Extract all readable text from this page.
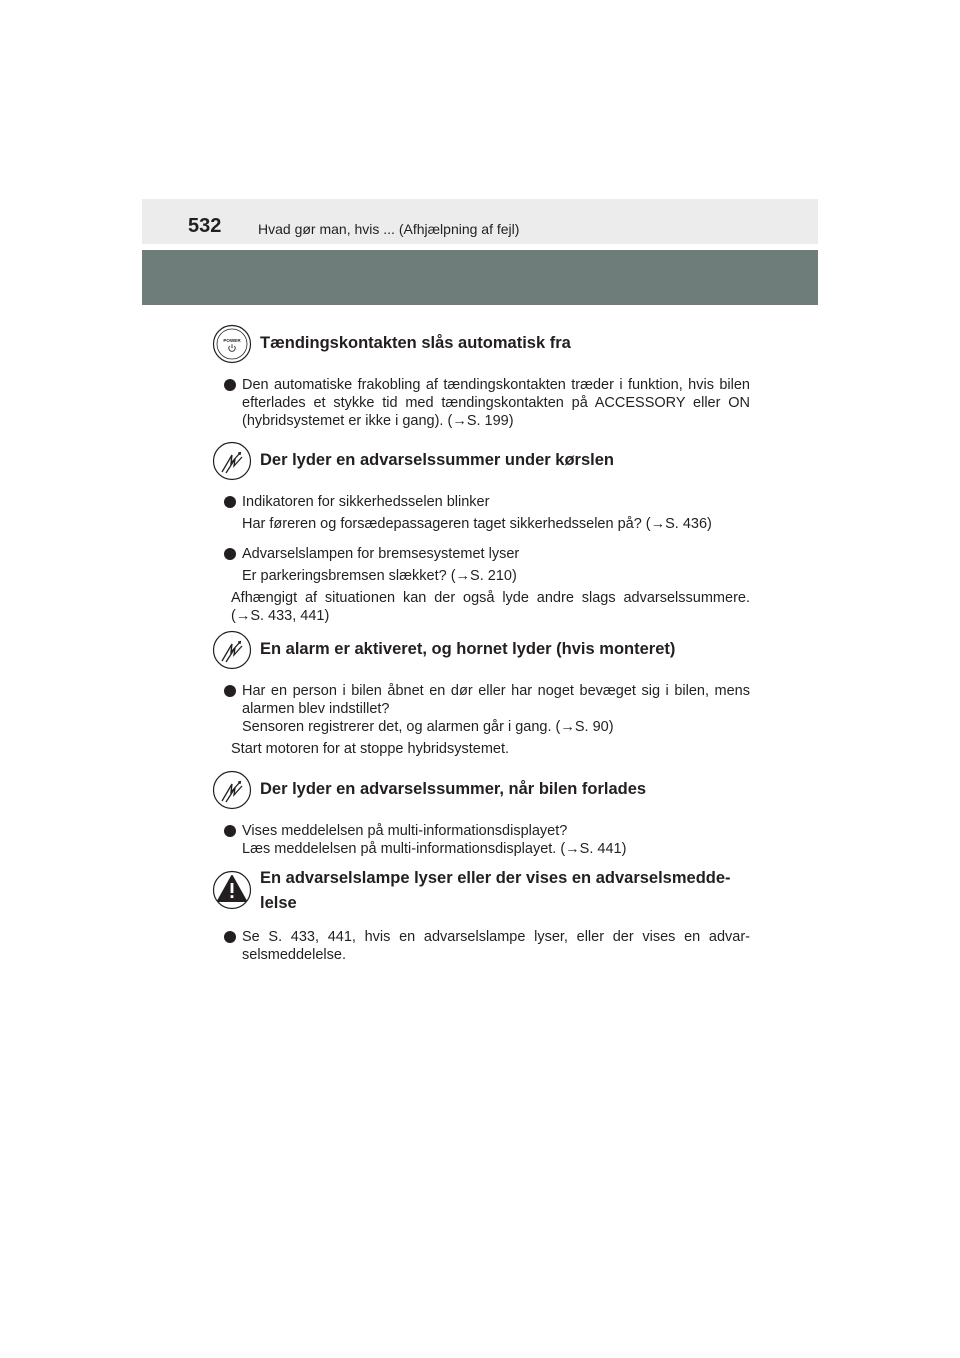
532	Hvad gør man, hvis ... (Afhjælpning af fejl)
POWER Tændingskontakten slås automatisk fra

Den automatiske frakobling af tændingskontakten træder i funktion, hvis bilen efterlades et stykke tid med tændingskontakten på ACCESSORY eller ON (hybridsystemet er ikke i gang). (→S. 199)

Der lyder en advarselssummer under kørslen

Indikatoren for sikkerhedsselen blinker

Har føreren og forsædepassageren taget sikkerhedsselen på? (→S. 436)

Advarselslampen for bremsesystemet lyser

Er parkeringsbremsen slækket? (→S. 210)

Afhængigt af situationen kan der også lyde andre slags advarselssummere. (→S. 433, 441)

En alarm er aktiveret, og hornet lyder (hvis monteret)

Har en person i bilen åbnet en dør eller har noget bevæget sig i bilen, mens alarmen blev indstillet?

Sensoren registrerer det, og alarmen går i gang. (→S. 90)

Start motoren for at stoppe hybridsystemet.

Der lyder en advarselssummer, når bilen forlades

Vises meddelelsen på multi-informationsdisplayet?

Læs meddelelsen på multi-informationsdisplayet. (→S. 441)

En advarselslampe lyser eller der vises en advarselsmedde-lelse

Se S. 433, 441, hvis en advarselslampe lyser, eller der vises en advar-selsmeddelelse.
